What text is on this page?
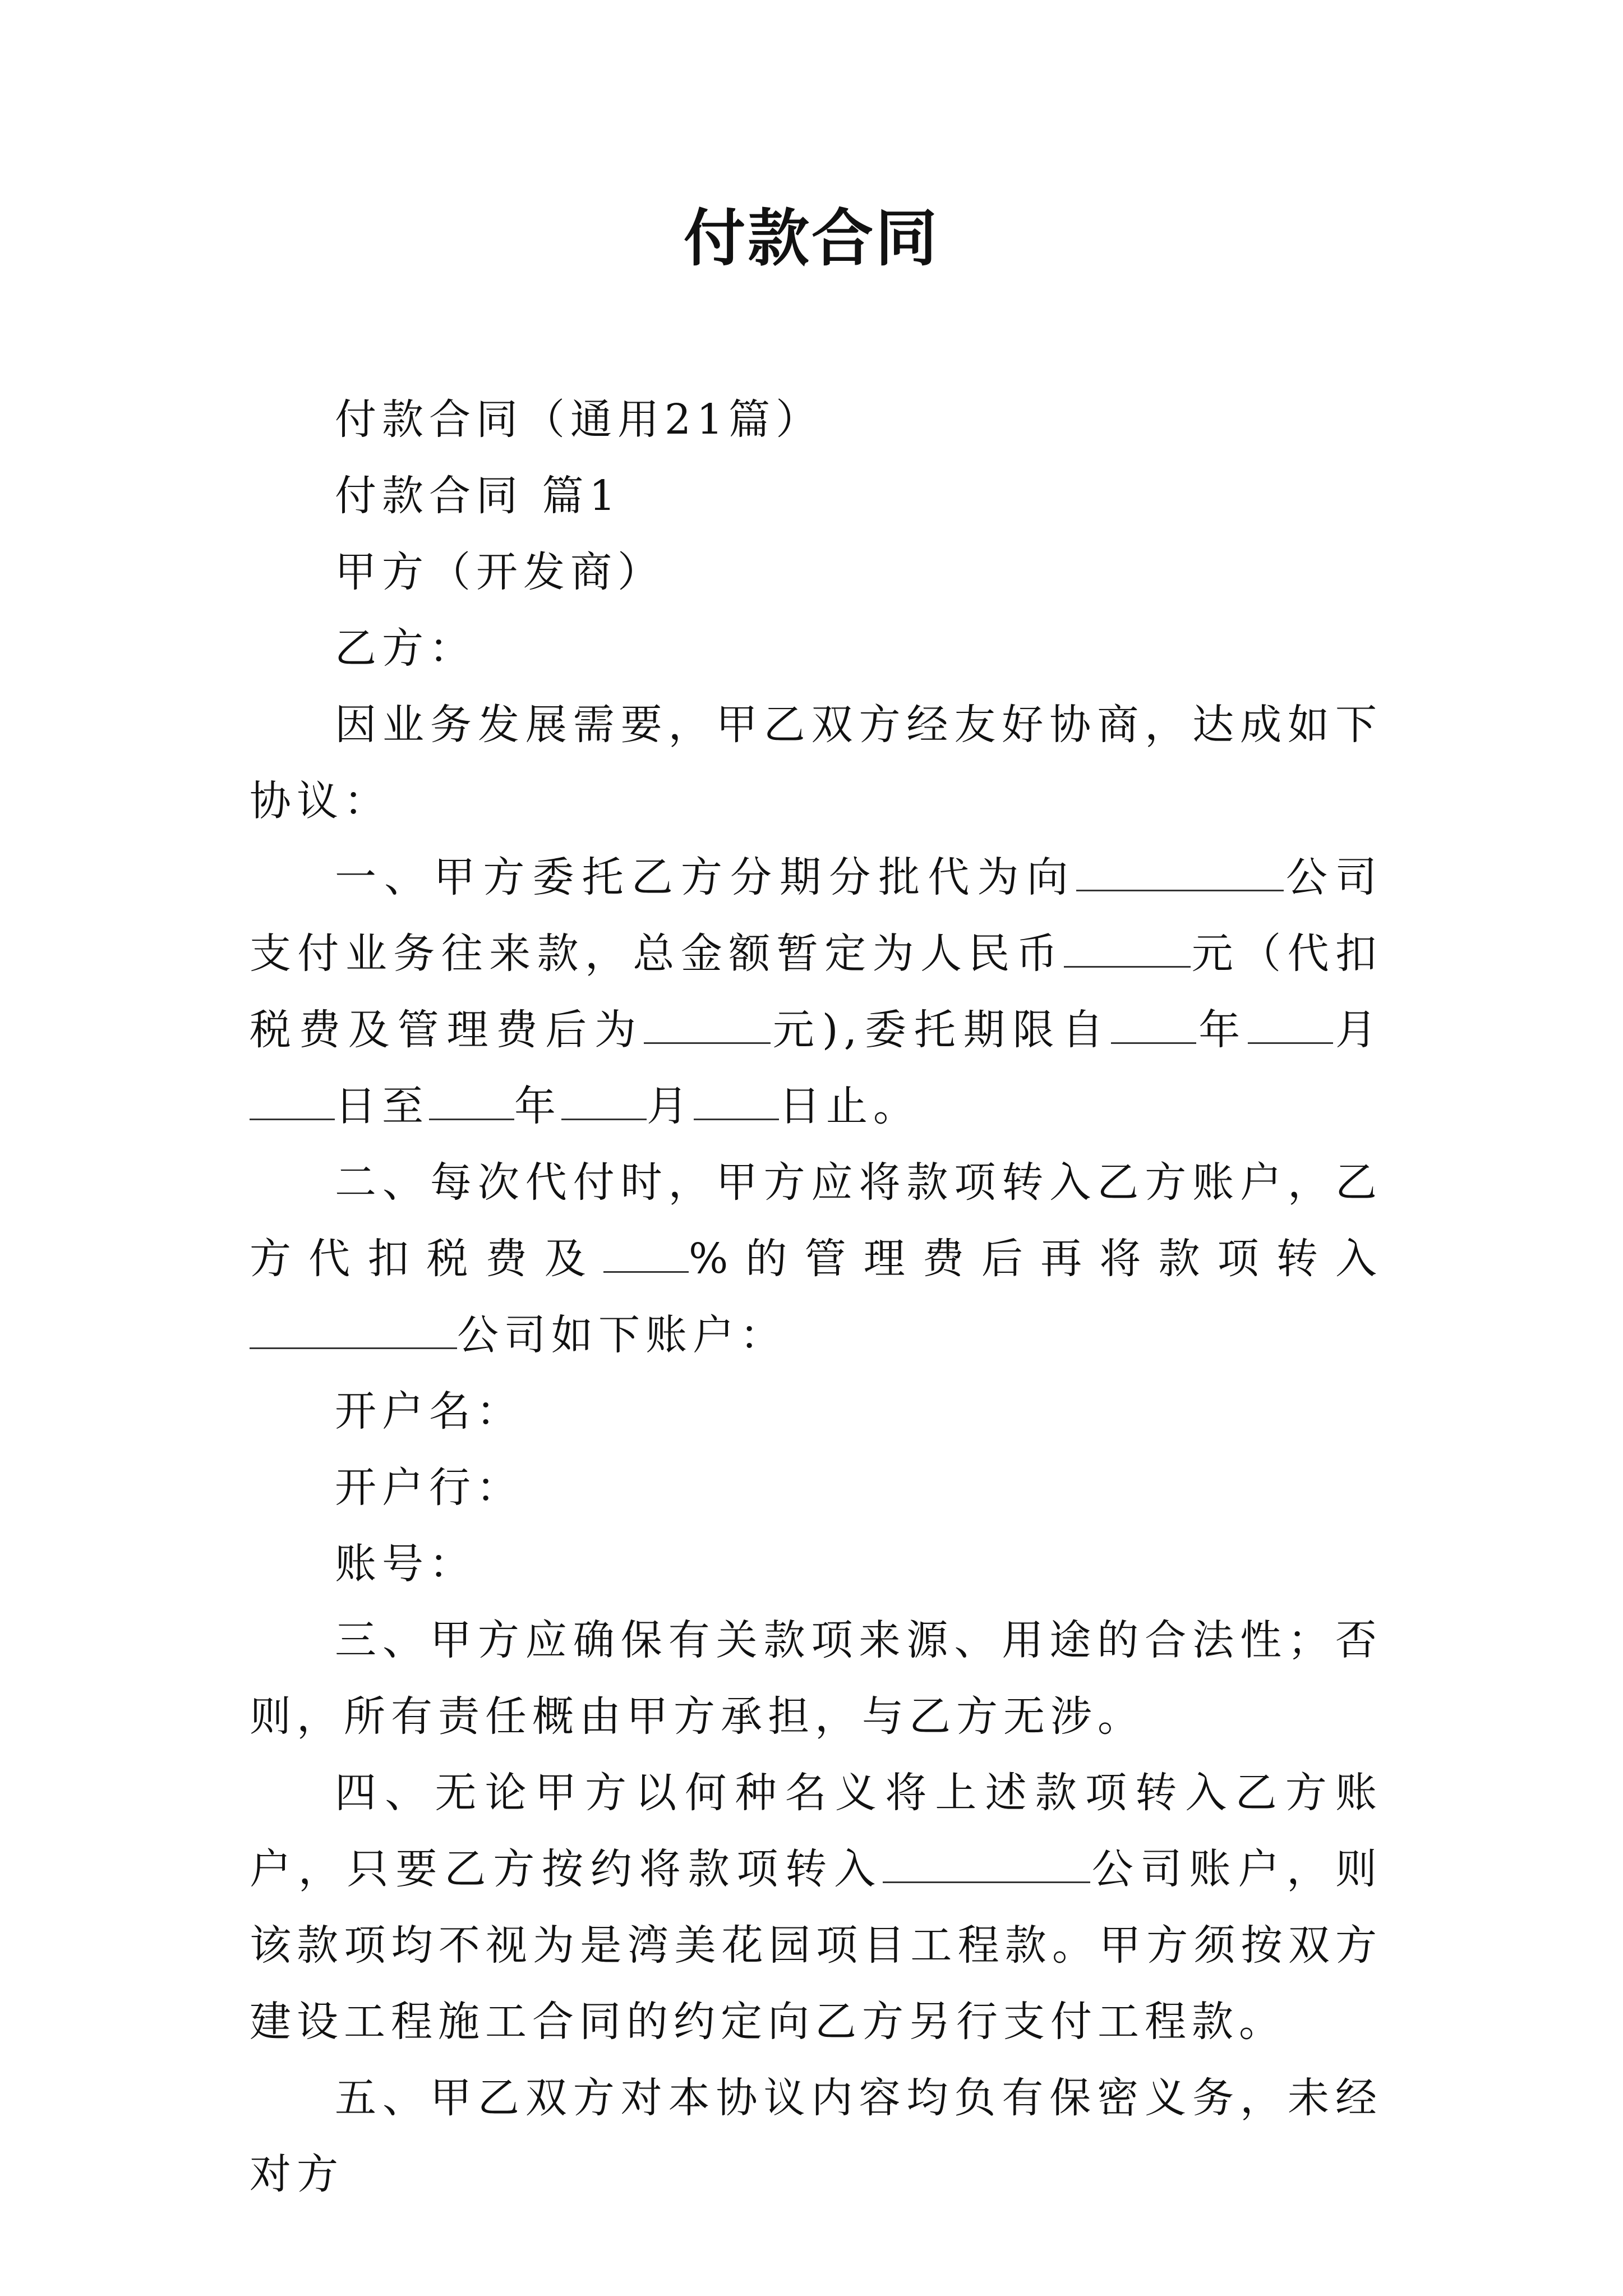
付款合同

付款合同（通用21篇）

付款合同 篇1

甲方（开发商）

乙方：

因业务发展需要，甲乙双方经友好协商，达成如下协议：

一、甲方委托乙方分期分批代为向	公司支付业务往来款，总金额暂定为人民币	元（代扣税费及管理费后为	元),委托期限自 年 月日至 年 月 日止。

二、每次代付时，甲方应将款项转入乙方账户，乙方代扣税费及 %的管理费后再将款项转入公司如下账户：

开户名：

开户行：

账号：

三、甲方应确保有关款项来源、用途的合法性；否则，所有责任概由甲方承担，与乙方无涉。

四、无论甲方以何种名义将上述款项转入乙方账户，只要乙方按约将款项转入	公司账户，则该款项均不视为是湾美花园项目工程款。甲方须按双方建设工程施工合同的约定向乙方另行支付工程款。

五、甲乙双方对本协议内容均负有保密义务，未经对方
